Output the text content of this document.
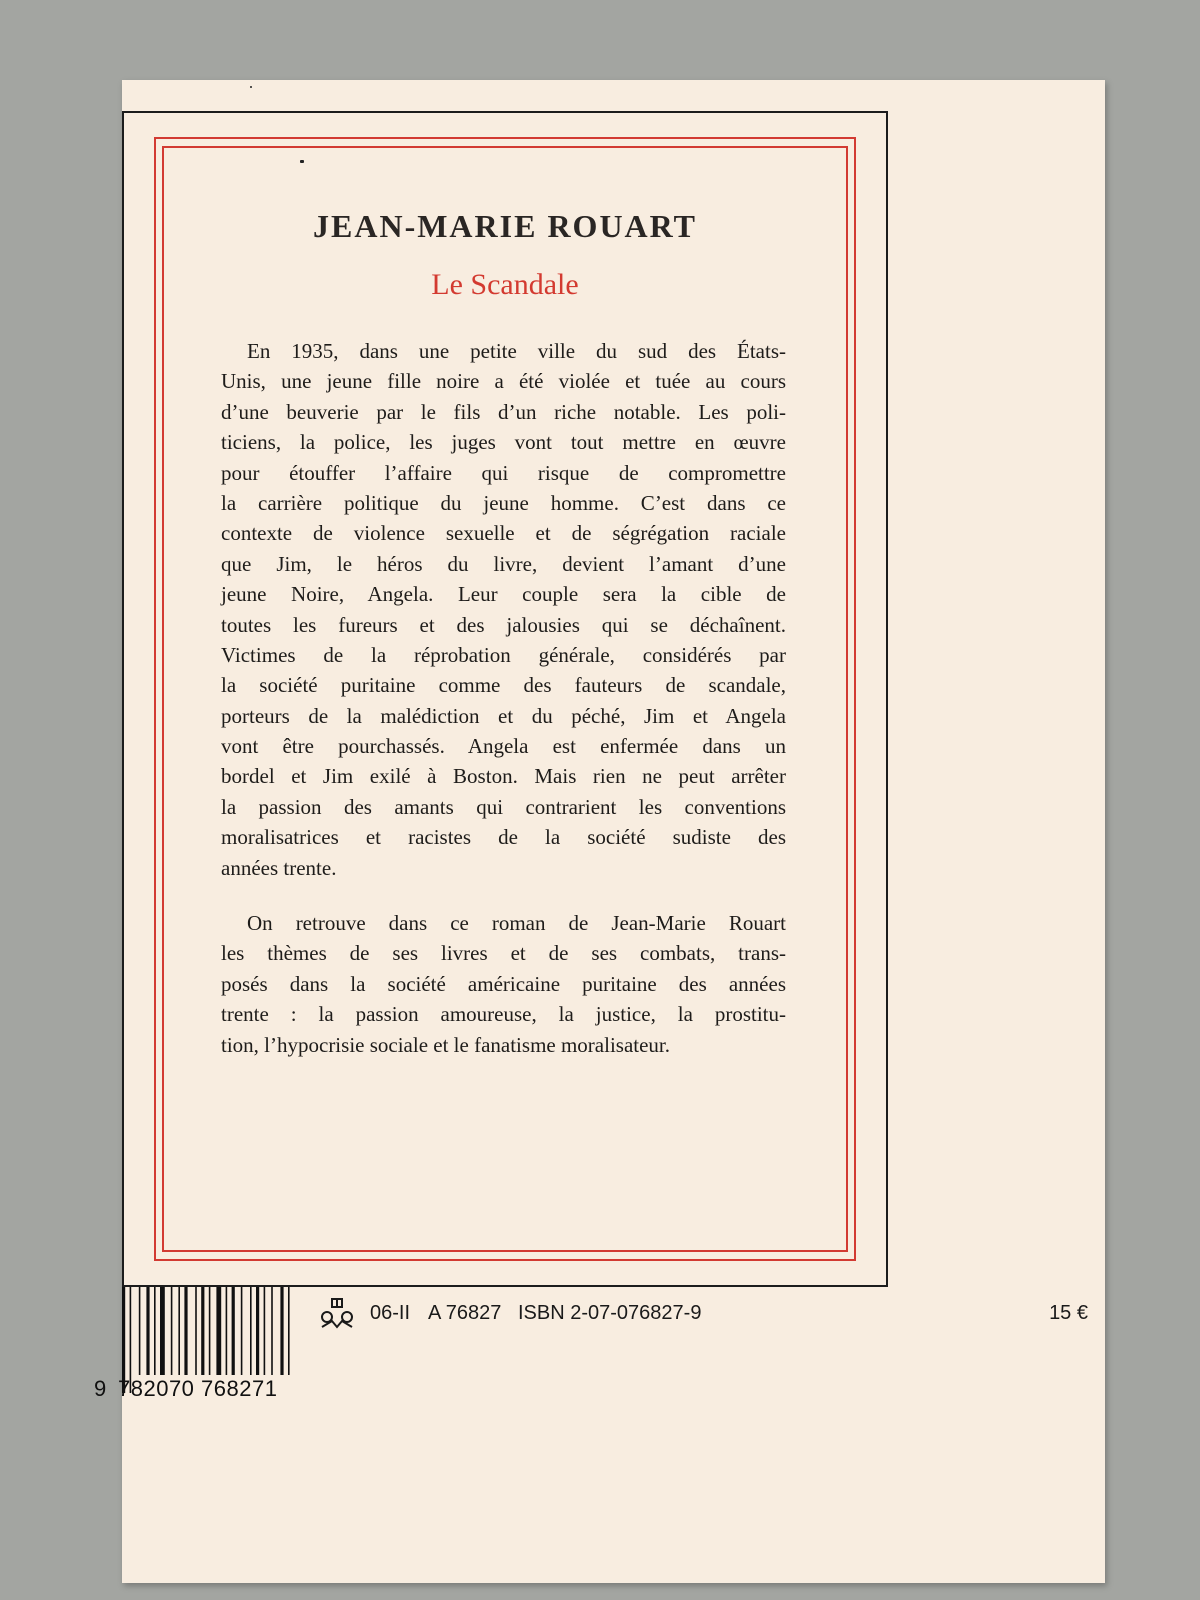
JEAN-MARIE ROUART
Le Scandale
En 1935, dans une petite ville du sud des États-
Unis, une jeune fille noire a été violée et tuée au cours
d’une beuverie par le fils d’un riche notable. Les poli-
ticiens, la police, les juges vont tout mettre en œuvre
pour étouffer l’affaire qui risque de compromettre
la carrière politique du jeune homme. C’est dans ce
contexte de violence sexuelle et de ségrégation raciale
que Jim, le héros du livre, devient l’amant d’une
jeune Noire, Angela. Leur couple sera la cible de
toutes les fureurs et des jalousies qui se déchaînent.
Victimes de la réprobation générale, considérés par
la société puritaine comme des fauteurs de scandale,
porteurs de la malédiction et du péché, Jim et Angela
vont être pourchassés. Angela est enfermée dans un
bordel et Jim exilé à Boston. Mais rien ne peut arrêter
la passion des amants qui contrarient les conventions
moralisatrices et racistes de la société sudiste des
années trente.
On retrouve dans ce roman de Jean-Marie Rouart
les thèmes de ses livres et de ses combats, trans-
posés dans la société américaine puritaine des années
trente : la passion amoureuse, la justice, la prostitu-
tion, l’hypocrisie sociale et le fanatisme moralisateur.
9 782070 768271
06-II A 76827 ISBN 2-07-076827-9	15 €
